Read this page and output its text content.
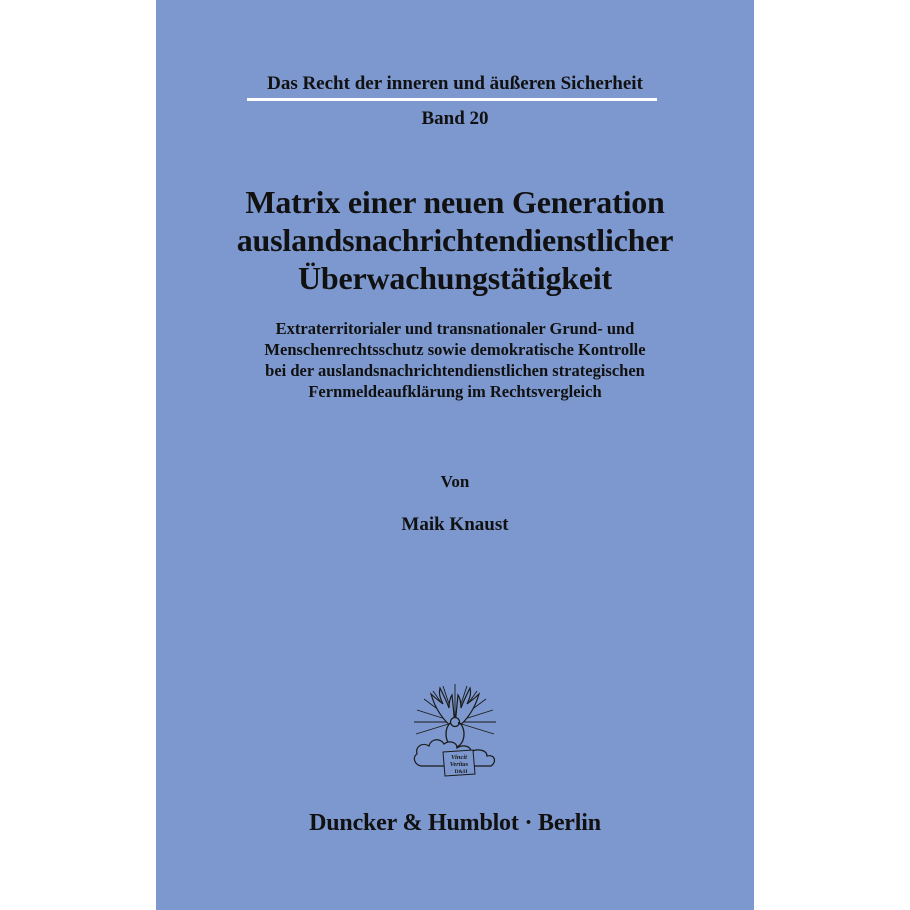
Das Recht der inneren und äußeren Sicherheit

Band 20

Matrix einer neuen Generation
auslandsnachrichtendienstlicher
Überwachungstätigkeit
Extraterritorialer und transnationaler Grund- und
Menschenrechtsschutz sowie demokratische Kontrolle
bei der auslandsnachrichtendienstlichen strategischen
Fernmeldeaufklärung im Rechtsvergleich

Von

Maik Knaust

Vincit
Veritas
D&H

Duncker & Humblot · Berlin
